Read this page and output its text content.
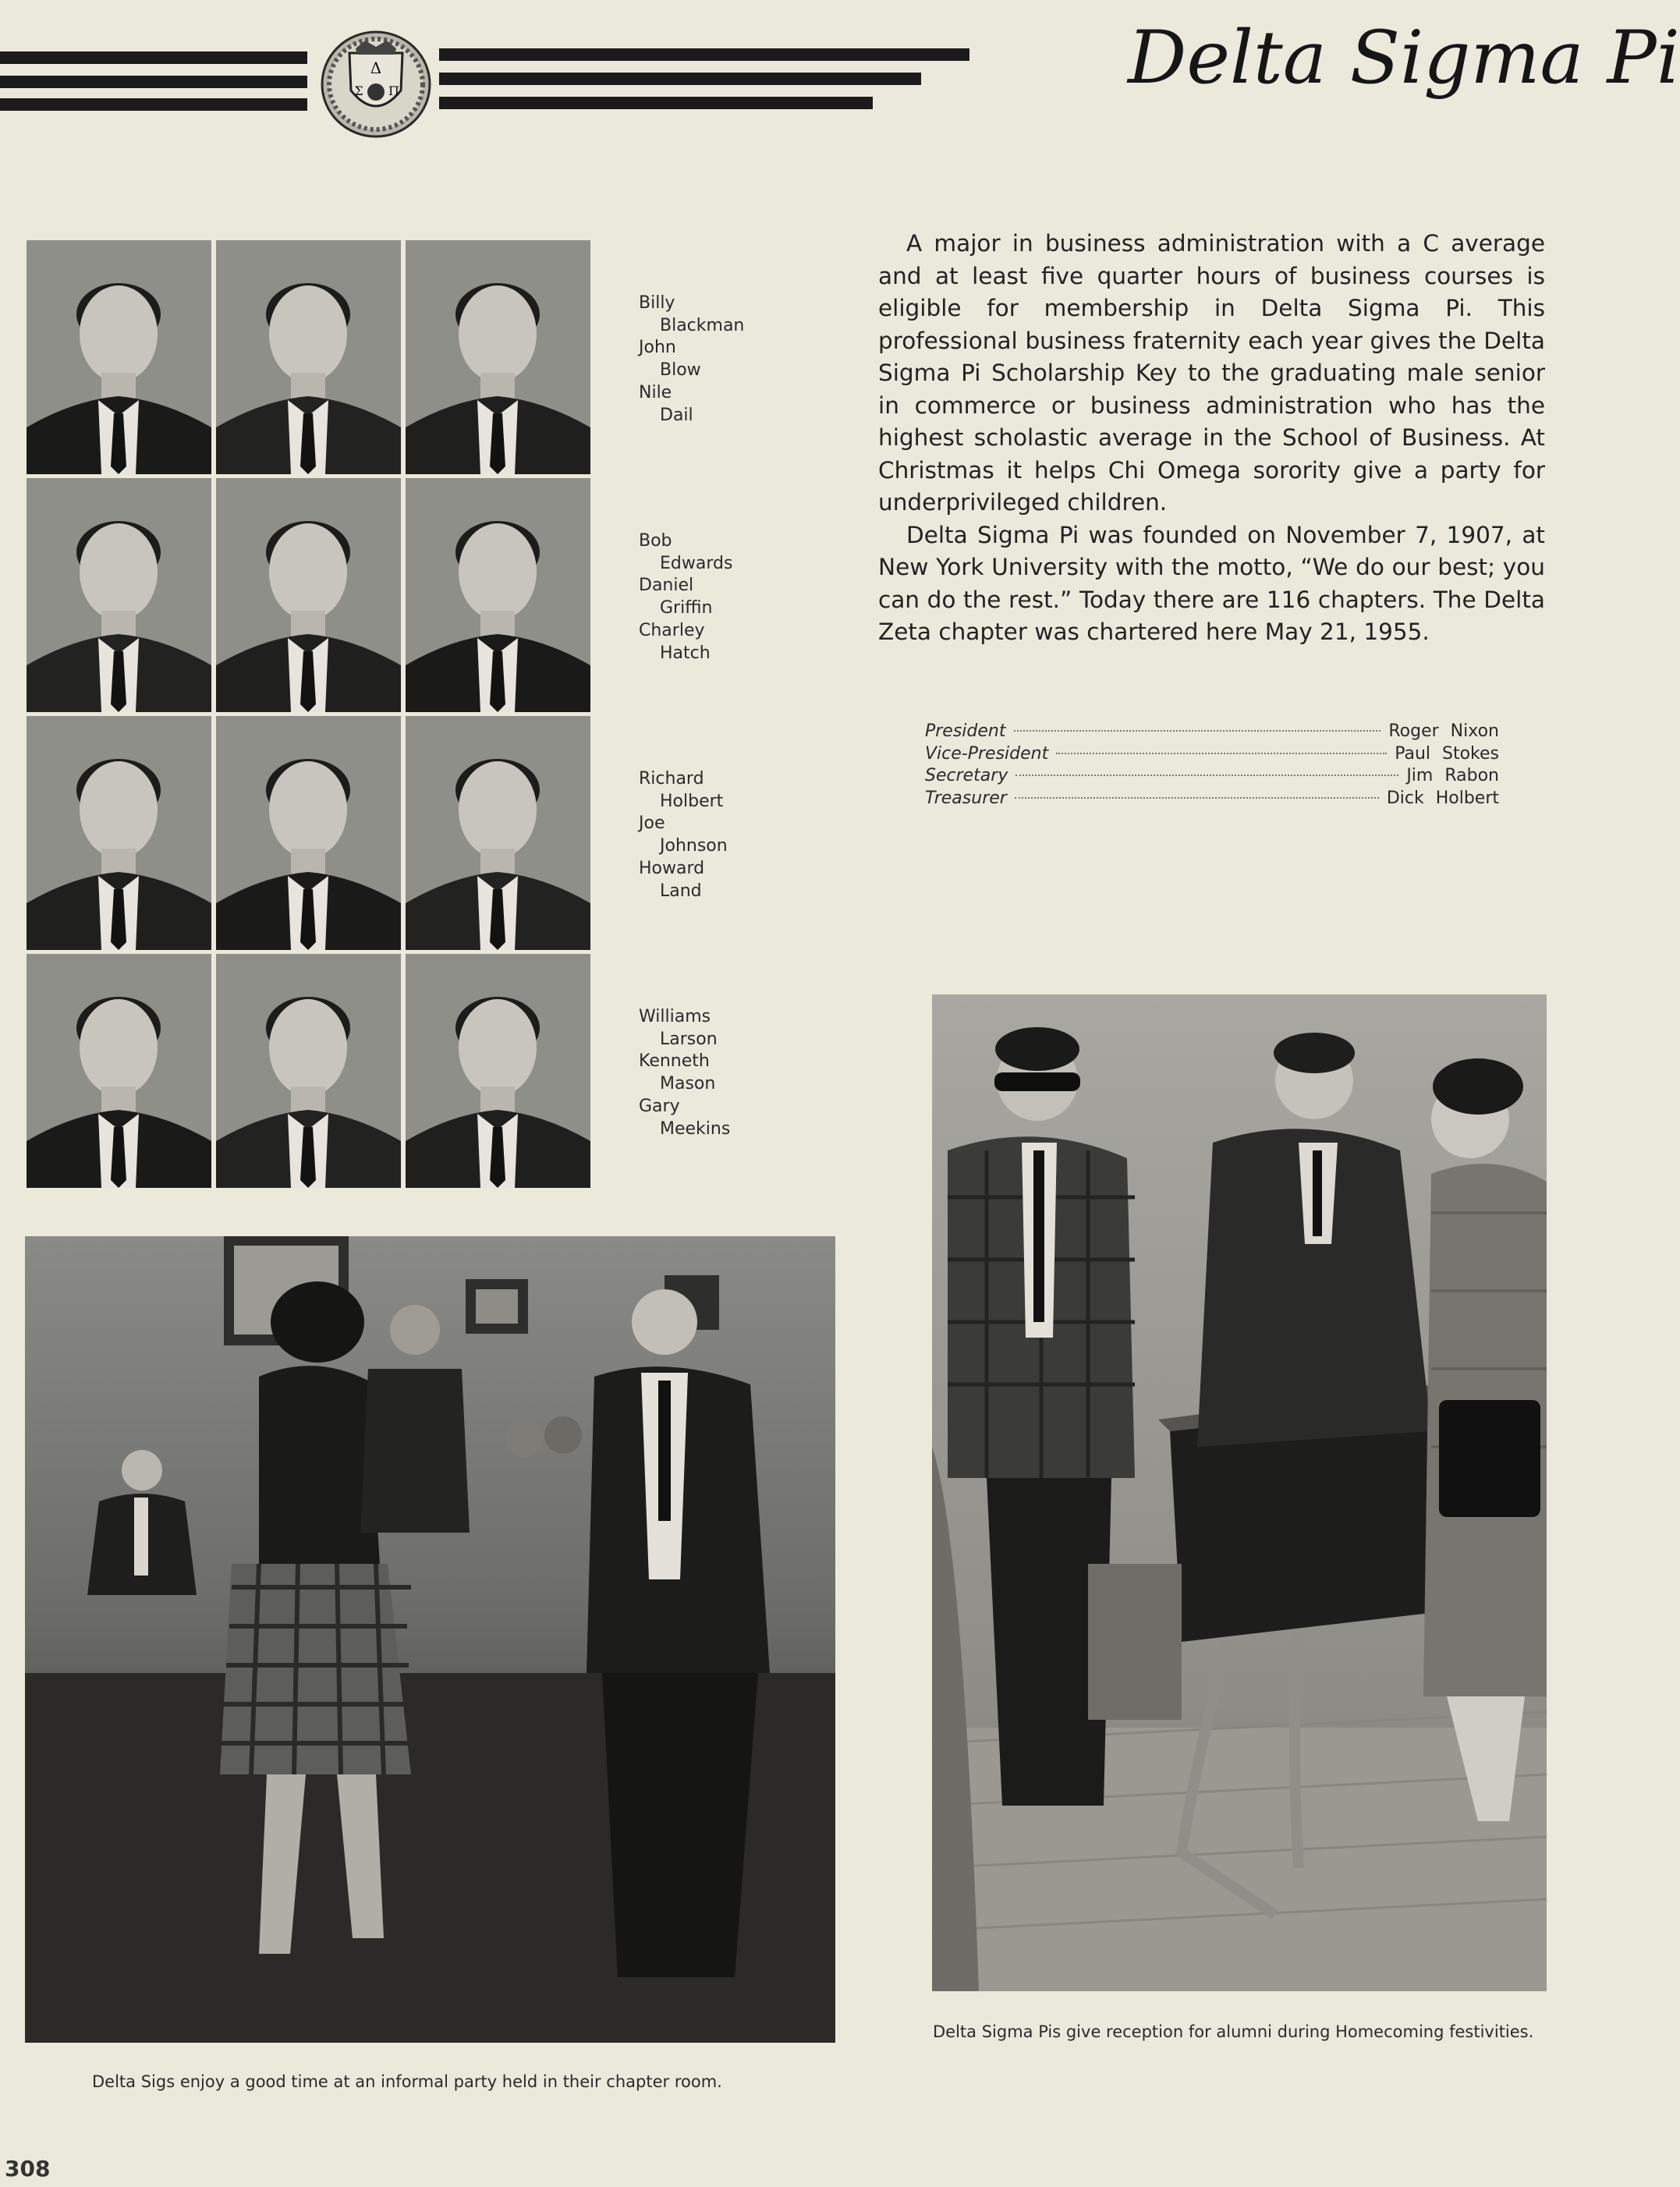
Δ
Σ Π	Delta Sigma Pi
Billy
Blackman
John
Blow
Nile
Dail
Bob
Edwards
Daniel
Griffin
Charley
Hatch
Richard
Holbert
Joe
Johnson
Howard
Land
Williams
Larson
Kenneth
Mason
Gary
Meekins

A major in business administration with a C average and at least five quarter hours of business courses is eligible for membership in Delta Sigma Pi. This professional business fraternity each year gives the Delta Sigma Pi Scholarship Key to the graduating male senior in commerce or business administration who has the highest scholastic average in the School of Business. At Christmas it helps Chi Omega sorority give a party for underprivileged children.

Delta Sigma Pi was founded on November 7, 1907, at New York University with the motto, “We do our best; you can do the rest.” Today there are 116 chapters. The Delta Zeta chapter was chartered here May 21, 1955.

President	Roger Nixon
Vice-President	Paul Stokes
Secretary	Jim Rabon
Treasurer	Dick Holbert
Delta Sigs enjoy a good time at an informal party held in their chapter room.
Delta Sigma Pis give reception for alumni during Homecoming festivities.
308
